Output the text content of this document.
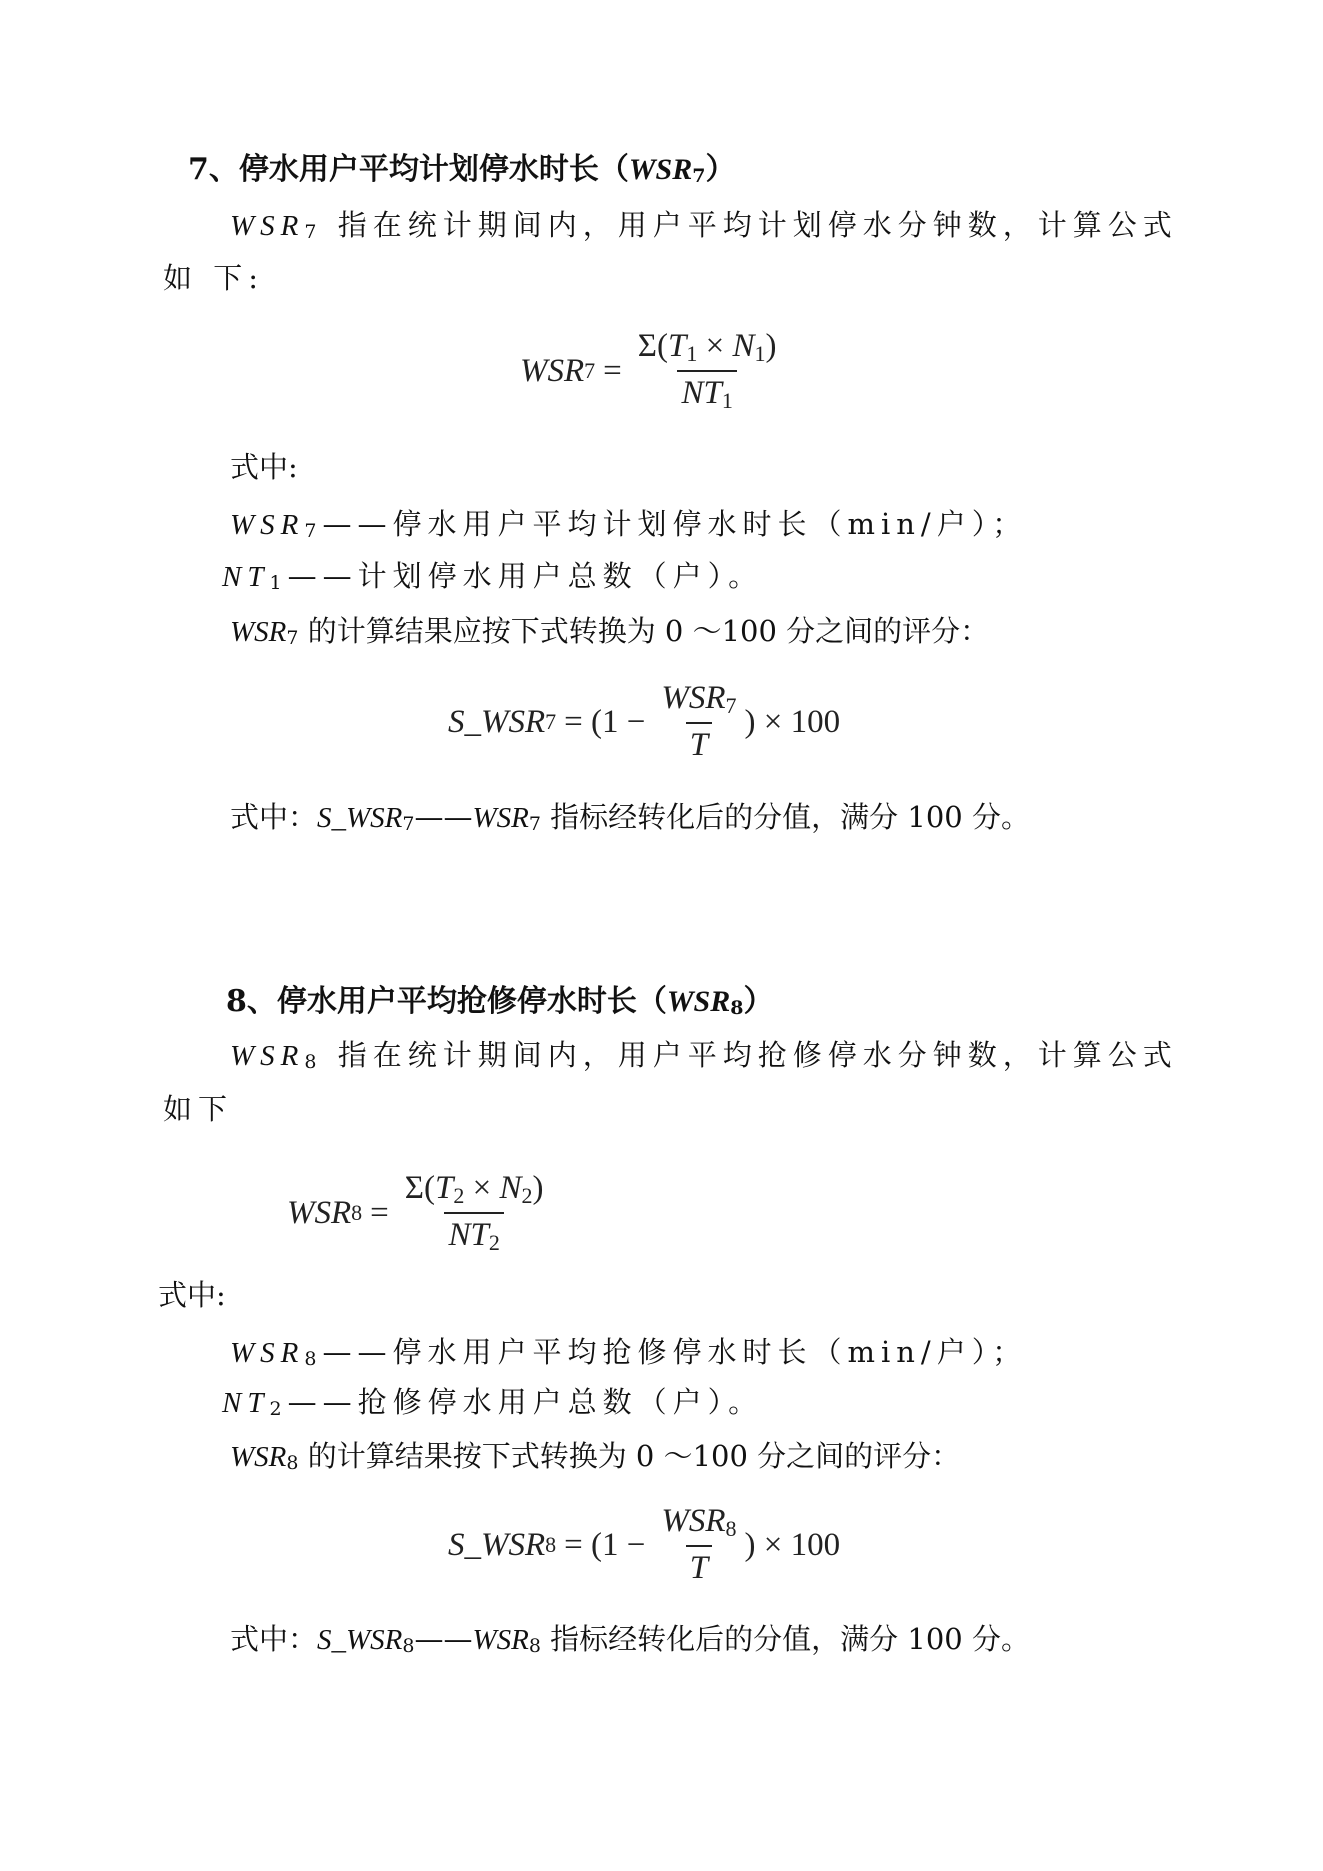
7、停水用户平均计划停水时长（WSR7）
WSR7 指在统计期间内，用户平均计划停水分钟数，计算公式
如 下:
WSR $7 = \frac{\Sigma(T1 \times N1)}{NT1}$
式中:
WSR7——停水用户平均计划停水时长（min/户）；
NT1——计划停水用户总数（户）。
WSR7 的计算结果应按下式转换为 0 ～100 分之间的评分：
S_WSR $7 = (1 - \frac{\text{WSR7}}{T}$ ) × 100
式中：S_WSR7——WSR7 指标经转化后的分值，满分 100 分。
8、停水用户平均抢修停水时长（WSR8）
WSR8 指在统计期间内，用户平均抢修停水分钟数，计算公式
如下
WSR $8 = \frac{\Sigma(T2 \times N2)}{NT2}$
式中:
WSR8——停水用户平均抢修停水时长（min/户）；
NT2——抢修停水用户总数（户）。
WSR8 的计算结果按下式转换为 0 ～100 分之间的评分：
S_WSR $8 = (1 - \frac{\text{WSR8}}{T}$ ) × 100
式中：S_WSR8——WSR8 指标经转化后的分值，满分 100 分。
